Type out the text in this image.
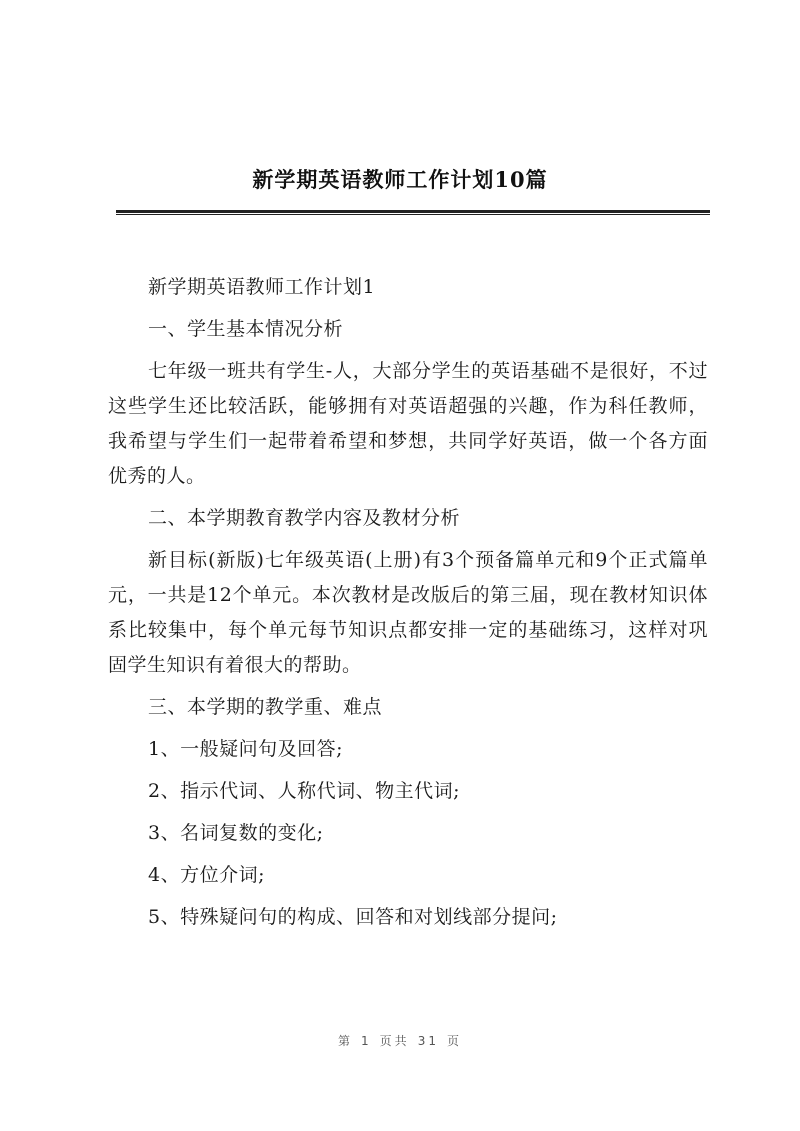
新学期英语教师工作计划10篇

新学期英语教师工作计划1

一、学生基本情况分析

七年级一班共有学生-人，大部分学生的英语基础不是很好，不过这些学生还比较活跃，能够拥有对英语超强的兴趣，作为科任教师，我希望与学生们一起带着希望和梦想，共同学好英语，做一个各方面优秀的人。

二、本学期教育教学内容及教材分析

新目标(新版)七年级英语(上册)有3个预备篇单元和9个正式篇单元，一共是12个单元。本次教材是改版后的第三届，现在教材知识体系比较集中，每个单元每节知识点都安排一定的基础练习，这样对巩固学生知识有着很大的帮助。

三、本学期的教学重、难点

1、一般疑问句及回答;

2、指示代词、人称代词、物主代词;

3、名词复数的变化;

4、方位介词;

5、特殊疑问句的构成、回答和对划线部分提问;

第 1 页共 31 页
